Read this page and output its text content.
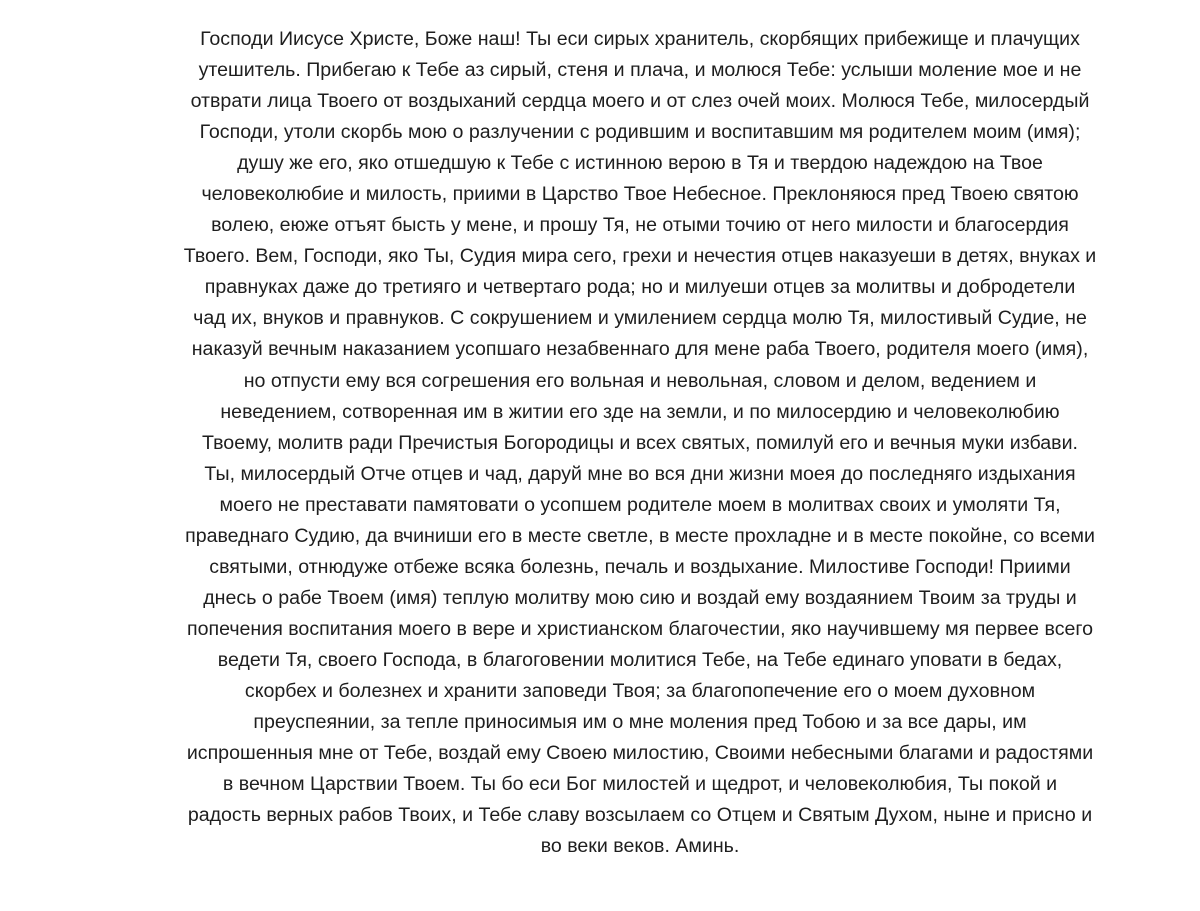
Господи Иисусе Христе, Боже наш! Ты еси сирых хранитель, скорбящих прибежище и плачущих
утешитель. Прибегаю к Тебе аз сирый, стеня и плача, и молюся Тебе: услыши моление мое и не
отврати лица Твоего от воздыханий сердца моего и от слез очей моих. Молюся Тебе, милосердый
Господи, утоли скорбь мою о разлучении с родившим и воспитавшим мя родителем моим (имя);
душу же его, яко отшедшую к Тебе с истинною верою в Тя и твердою надеждою на Твое
человеколюбие и милость, приими в Царство Твое Небесное. Преклоняюся пред Твоею святою
волею, еюже отъят бысть у мене, и прошу Тя, не отыми точию от него милости и благосердия
Твоего. Вем, Господи, яко Ты, Судия мира сего, грехи и нечестия отцев наказуеши в детях, внуках и
правнуках даже до третияго и четвертаго рода; но и милуеши отцев за молитвы и добродетели
чад их, внуков и правнуков. С сокрушением и умилением сердца молю Тя, милостивый Судие, не
наказуй вечным наказанием усопшаго незабвеннаго для мене раба Твоего, родителя моего (имя),
но отпусти ему вся согрешения его вольная и невольная, словом и делом, ведением и
неведением, сотворенная им в житии его зде на земли, и по милосердию и человеколюбию
Твоему, молитв ради Пречистыя Богородицы и всех святых, помилуй его и вечныя муки избави.
Ты, милосердый Отче отцев и чад, даруй мне во вся дни жизни моея до последняго издыхания
моего не преставати памятовати о усопшем родителе моем в молитвах своих и умоляти Тя,
праведнаго Судию, да вчиниши его в месте светле, в месте прохладне и в месте покойне, со всеми
святыми, отнюдуже отбеже всяка болезнь, печаль и воздыхание. Милостиве Господи! Приими
днесь о рабе Твоем (имя) теплую молитву мою сию и воздай ему воздаянием Твоим за труды и
попечения воспитания моего в вере и христианском благочестии, яко научившему мя первее всего
ведети Тя, своего Господа, в благоговении молитися Тебе, на Тебе единаго уповати в бедах,
скорбех и болезнех и хранити заповеди Твоя; за благопопечение его о моем духовном
преуспеянии, за тепле приносимыя им о мне моления пред Тобою и за все дары, им
испрошенныя мне от Тебе, воздай ему Своею милостию, Своими небесными благами и радостями
в вечном Царствии Твоем. Ты бо еси Бог милостей и щедрот, и человеколюбия, Ты покой и
радость верных рабов Твоих, и Тебе славу возсылаем со Отцем и Святым Духом, ныне и присно и
во веки веков. Аминь.
